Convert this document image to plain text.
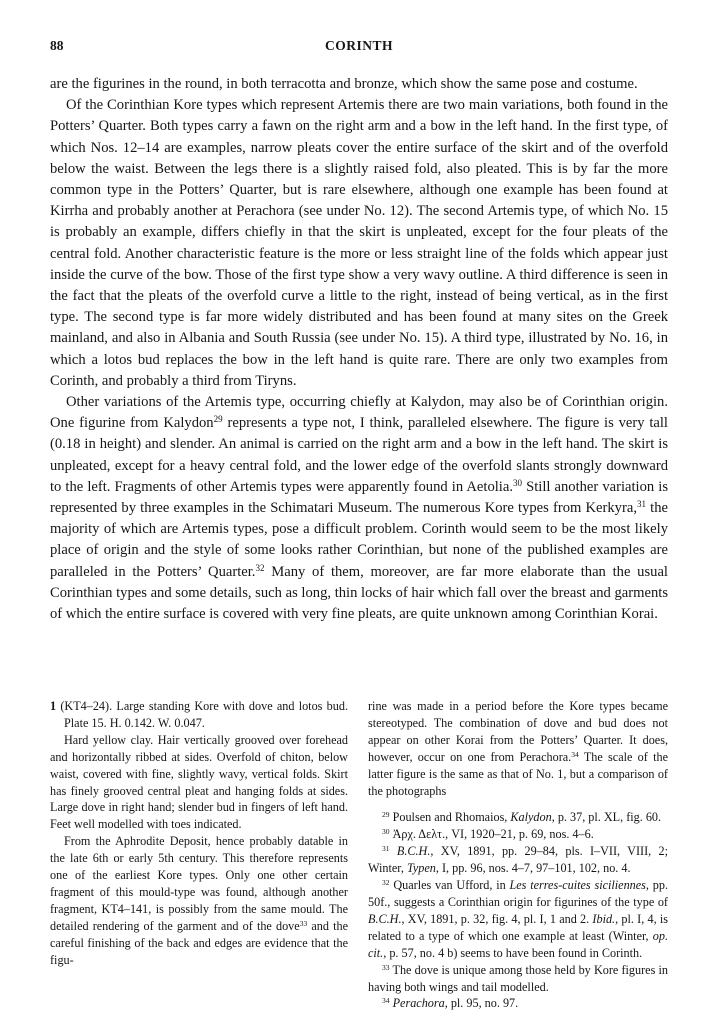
88	CORINTH

are the figurines in the round, in both terracotta and bronze, which show the same pose and costume.

Of the Corinthian Kore types which represent Artemis there are two main variations, both found in the Potters’ Quarter. Both types carry a fawn on the right arm and a bow in the left hand. In the first type, of which Nos. 12–14 are examples, narrow pleats cover the entire surface of the skirt and of the overfold below the waist. Between the legs there is a slightly raised fold, also pleated. This is by far the more common type in the Potters’ Quarter, but is rare elsewhere, although one example has been found at Kirrha and probably another at Perachora (see under No. 12). The second Artemis type, of which No. 15 is probably an example, differs chiefly in that the skirt is unpleated, except for the four pleats of the central fold. Another characteristic feature is the more or less straight line of the folds which appear just inside the curve of the bow. Those of the first type show a very wavy outline. A third difference is seen in the fact that the pleats of the overfold curve a little to the right, instead of being vertical, as in the first type. The second type is far more widely distributed and has been found at many sites on the Greek mainland, and also in Albania and South Russia (see under No. 15). A third type, illustrated by No. 16, in which a lotos bud replaces the bow in the left hand is quite rare. There are only two examples from Corinth, and probably a third from Tiryns.

Other variations of the Artemis type, occurring chiefly at Kalydon, may also be of Corinthian origin. One figurine from Kalydon$^{29}$ represents a type not, I think, paralleled elsewhere. The figure is very tall (0.18 in height) and slender. An animal is carried on the right arm and a bow in the left hand. The skirt is unpleated, except for a heavy central fold, and the lower edge of the overfold slants strongly downward to the left. Fragments of other Artemis types were apparently found in Aetolia.$^{30}$ Still another variation is represented by three examples in the Schimatari Museum. The numerous Kore types from Kerkyra,$^{31}$ the majority of which are Artemis types, pose a difficult problem. Corinth would seem to be the most likely place of origin and the style of some looks rather Corinthian, but none of the published examples are paralleled in the Potters’ Quarter.$^{32}$ Many of them, moreover, are far more elaborate than the usual Corinthian types and some details, such as long, thin locks of hair which fall over the breast and garments of which the entire surface is covered with very fine pleats, are quite unknown among Corinthian Korai.

1 (KT4–24). Large standing Kore with dove and lotos bud. Plate 15. H. 0.142. W. 0.047.

Hard yellow clay. Hair vertically grooved over forehead and horizontally ribbed at sides. Overfold of chiton, below waist, covered with fine, slightly wavy, vertical folds. Skirt has finely grooved central pleat and hanging folds at sides. Large dove in right hand; slender bud in fingers of left hand. Feet well modelled with toes indicated.

From the Aphrodite Deposit, hence probably datable in the late 6th or early 5th century. This therefore represents one of the earliest Kore types. Only one other certain fragment of this mould-type was found, although another fragment, KT4–141, is possibly from the same mould. The detailed rendering of the garment and of the dove$^{33}$ and the careful finishing of the back and edges are evidence that the figu-

rine was made in a period before the Kore types became stereotyped. The combination of dove and bud does not appear on other Korai from the Potters’ Quarter. It does, however, occur on one from Perachora.$^{34}$ The scale of the latter figure is the same as that of No. 1, but a comparison of the photographs

$^{29}$ Poulsen and Rhomaios, Kalydon, p. 37, pl. XL, fig. 60.

$^{30}$ Ἀρχ. Δελτ., VI, 1920–21, p. 69, nos. 4–6.

$^{31}$ B.C.H., XV, 1891, pp. 29–84, pls. I–VII, VIII, 2; Winter, Typen, I, pp. 96, nos. 4–7, 97–101, 102, no. 4.

$^{32}$ Quarles van Ufford, in Les terres-cuites siciliennes, pp. 50f., suggests a Corinthian origin for figurines of the type of B.C.H., XV, 1891, p. 32, fig. 4, pl. I, 1 and 2. Ibid., pl. I, 4, is related to a type of which one example at least (Winter, op. cit., p. 57, no. 4 b) seems to have been found in Corinth.

$^{33}$ The dove is unique among those held by Kore figures in having both wings and tail modelled.

$^{34}$ Perachora, pl. 95, no. 97.
